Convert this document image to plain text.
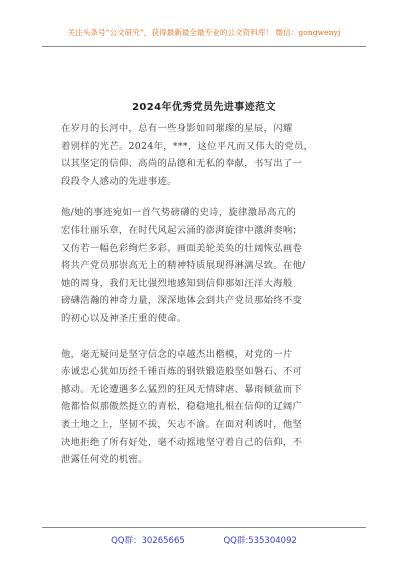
关注头条号“公文研究”，获得最新最全最专业的公文资料库！ 微信：gongwenyj
2024年优秀党员先进事迹范文

在岁月的长河中，总有一些身影如同璀璨的星辰，闪耀
着别样的光芒。2024年，***，这位平凡而又伟大的党员，
以其坚定的信仰、高尚的品德和无私的奉献，书写出了一
段段令人感动的先进事迹。

他/她的事迹宛如一首气势磅礴的史诗，旋律激昂高亢的
宏伟壮丽乐章，在时代风起云涌的澎湃旋律中激湃奏响；
又仿若一幅色彩绚烂多彩、画面美轮美奂的壮阔恢弘画卷
将共产党员那崇高无上的精神特质展现得淋漓尽致。在他/
她的周身，我们无比强烈地感知到信仰那如汪洋大海般
磅礴浩瀚的神奇力量，深深地体会到共产党员那始终不变
的初心以及神圣庄重的使命。

他，毫无疑问是坚守信念的卓越杰出楷模，对党的一片
赤诚忠心犹如历经千锤百炼的钢铁锻造般坚如磐石、不可
撼动。无论遭遇多么猛烈的狂风无情肆虐、暴雨倾盆而下
他都恰似那傲然挺立的青松，稳稳地扎根在信仰的辽阔广
袤土地之上，坚韧不拔，矢志不渝。在面对利诱时，他坚
决地拒绝了所有好处，毫不动摇地坚守着自己的信仰，不
泄露任何党的机密。

QQ群：30265665	QQ群:535304092
